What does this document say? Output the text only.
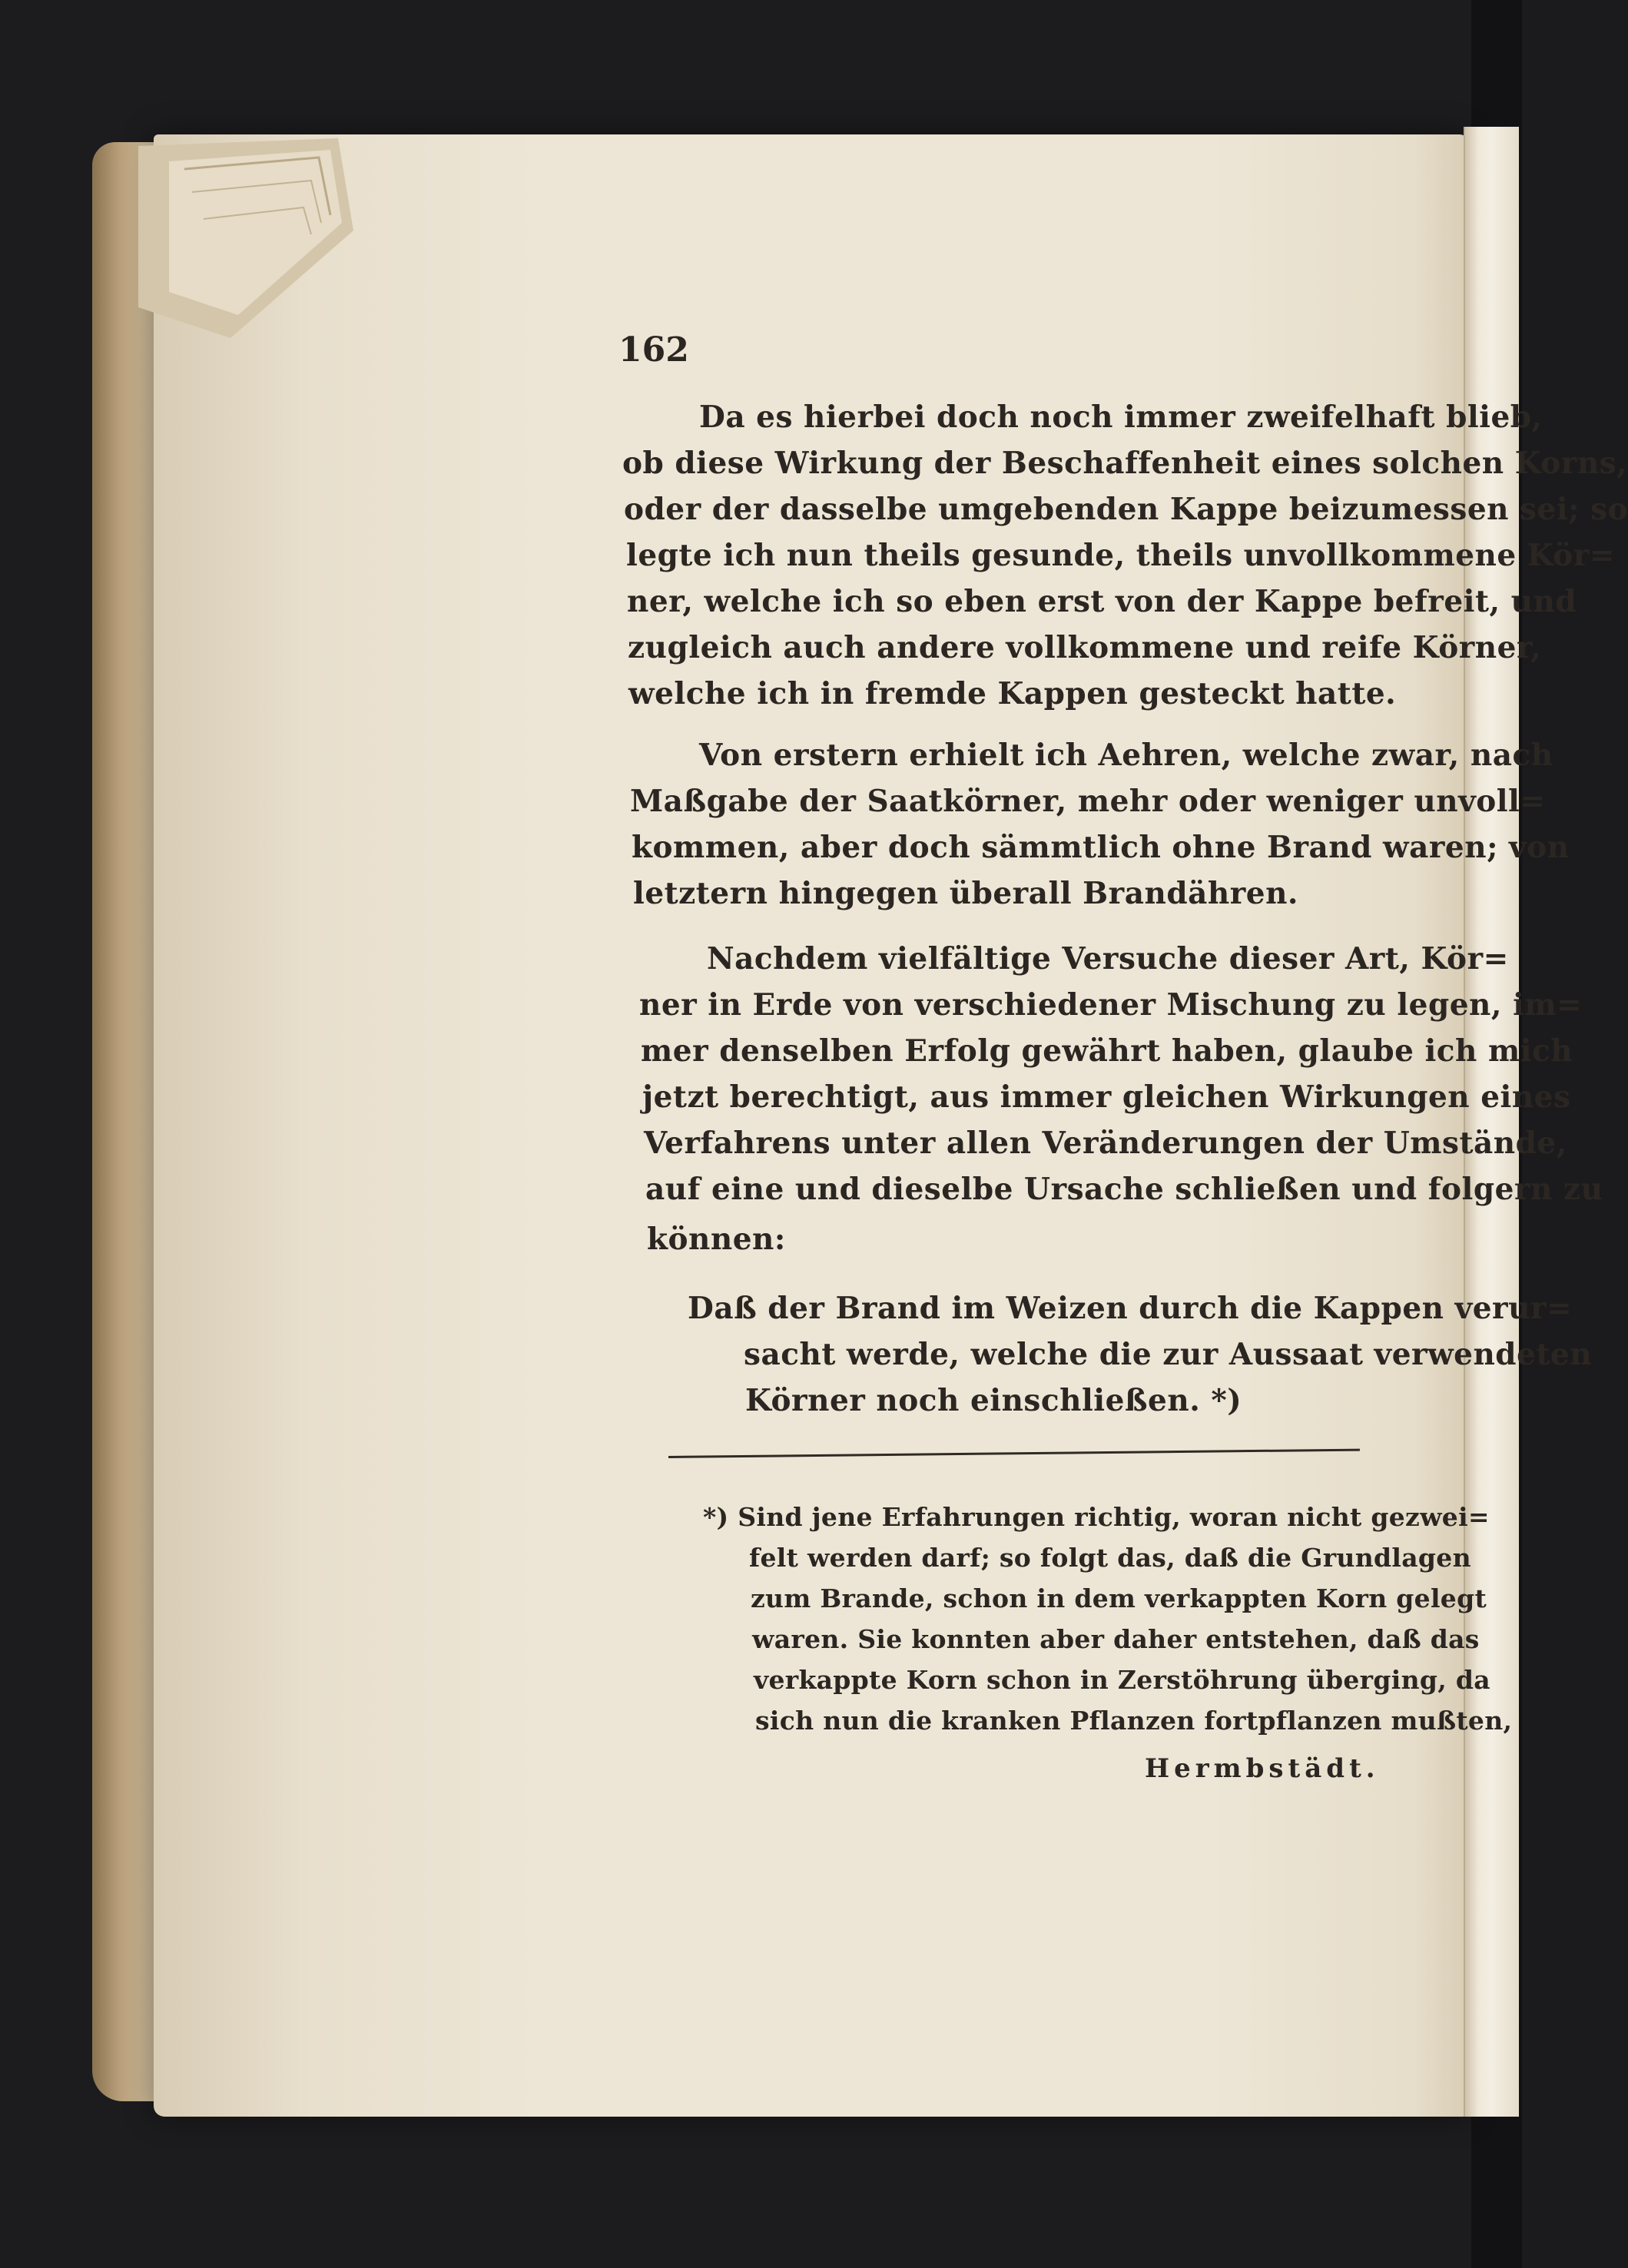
162
Da es hierbei doch noch immer zweifelhaft blieb,
ob diese Wirkung der Beschaffenheit eines solchen Korns,
oder der dasselbe umgebenden Kappe beizumessen sei; so
legte ich nun theils gesunde, theils unvollkommene Kör=
ner, welche ich so eben erst von der Kappe befreit, und
zugleich auch andere vollkommene und reife Körner,
welche ich in fremde Kappen gesteckt hatte.
Von erstern erhielt ich Aehren, welche zwar, nach
Maßgabe der Saatkörner, mehr oder weniger unvoll=
kommen, aber doch sämmtlich ohne Brand waren; von
letztern hingegen überall Brandähren.
Nachdem vielfältige Versuche dieser Art, Kör=
ner in Erde von verschiedener Mischung zu legen, im=
mer denselben Erfolg gewährt haben, glaube ich mich
jetzt berechtigt, aus immer gleichen Wirkungen eines
Verfahrens unter allen Veränderungen der Umstände,
auf eine und dieselbe Ursache schließen und folgern zu
können:
Daß der Brand im Weizen durch die Kappen verur=
sacht werde, welche die zur Aussaat verwendeten
Körner noch einschließen. *)
*) Sind jene Erfahrungen richtig, woran nicht gezwei=
felt werden darf; so folgt das, daß die Grundlagen
zum Brande, schon in dem verkappten Korn gelegt
waren. Sie konnten aber daher entstehen, daß das
verkappte Korn schon in Zerstöhrung überging, da
sich nun die kranken Pflanzen fortpflanzen mußten,
Hermbstädt.
